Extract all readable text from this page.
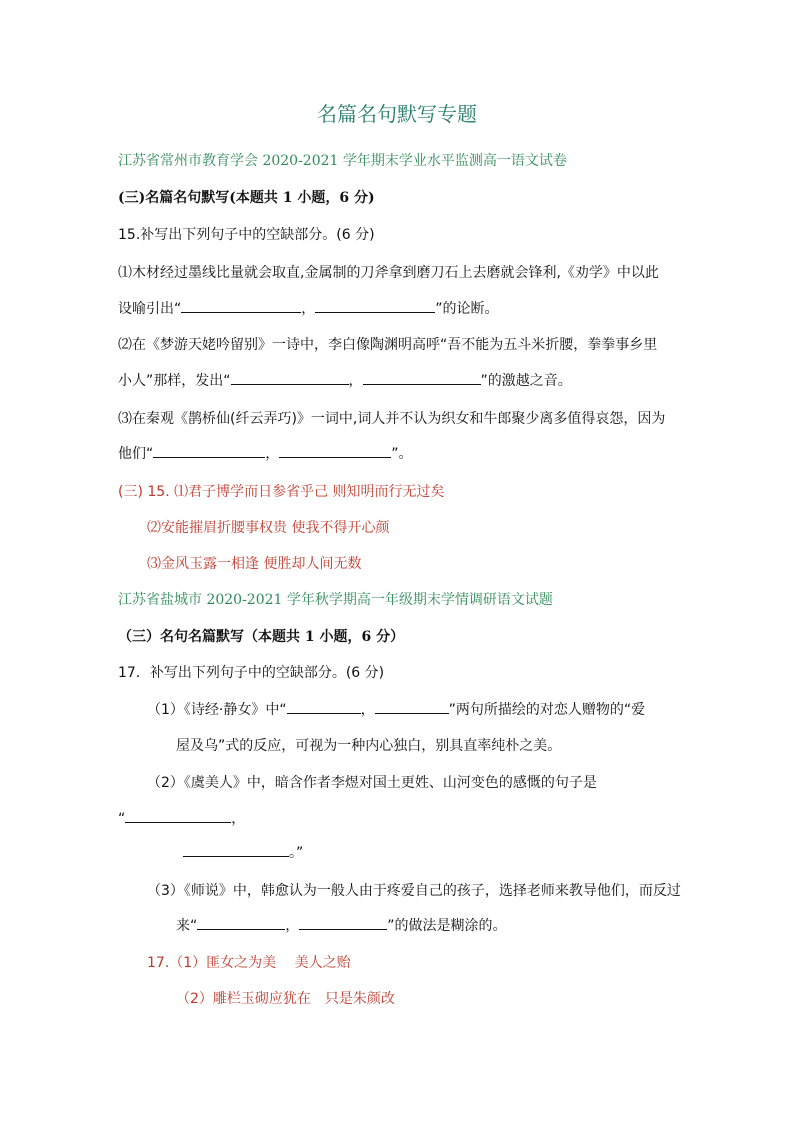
名篇名句默写专题
江苏省常州市教育学会 2020-2021 学年期末学业水平监测高一语文试卷
(三)名篇名句默写(本题共 1 小题，6 分)
15.补写出下列句子中的空缺部分。(6 分)
⑴木材经过墨线比量就会取直,金属制的刀斧拿到磨刀石上去磨就会锋利,《劝学》中以此
设喻引出“	，	”的论断。
⑵在《梦游天姥吟留别》一诗中，李白像陶渊明高呼“吾不能为五斗米折腰，拳拳事乡里
小人”那样，发出“	，	”的激越之音。
⑶在秦观《鹊桥仙(纤云弄巧)》一词中,词人并不认为织女和牛郎聚少离多值得哀怨，因为
他们“	，	”。
(三) 15. ⑴君子博学而日参省乎己 则知明而行无过矣
⑵安能摧眉折腰事权贵 使我不得开心颜
⑶金风玉露一相逢 便胜却人间无数
江苏省盐城市 2020-2021 学年秋学期高一年级期末学情调研语文试题
（三）名句名篇默写（本题共 1 小题，6 分）
17．补写出下列句子中的空缺部分。(6 分)
（1）《诗经·静女》中“	，	”两句所描绘的对恋人赠物的“爱
屋及乌”式的反应，可视为一种内心独白，别具直率纯朴之美。
（2）《虞美人》中，暗含作者李煜对国土更姓、山河变色的感慨的句子是
“	，
。”
（3）《师说》中，韩愈认为一般人由于疼爱自己的孩子，选择老师来教导他们，而反过
来“	，	”的做法是糊涂的。
17.（1）匪女之为美　 美人之贻
（2）雕栏玉砌应犹在　只是朱颜改
